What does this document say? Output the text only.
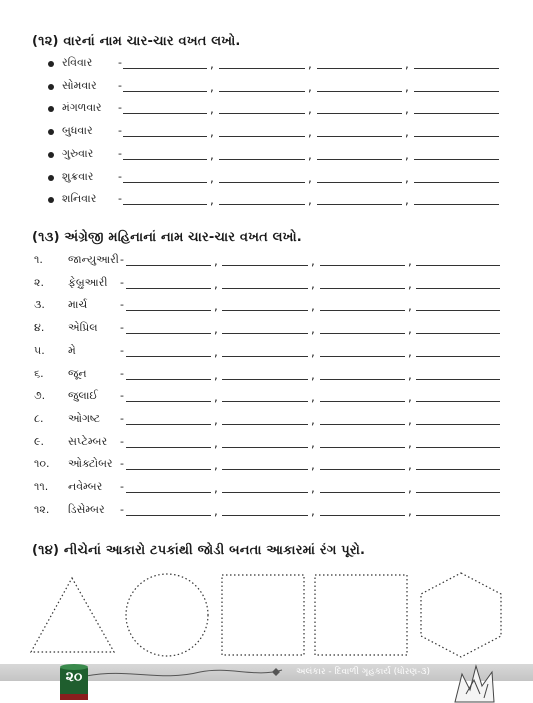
(૧૨) વારનાં નામ ચાર-ચાર વખત લખો.
રવિવાર -	,	,	,
સોમવાર -	,	,	,
મંગળવાર -	,	,	,
બુધવાર -	,	,	,
ગુરુવાર -	,	,	,
શુક્રવાર -	,	,	,
શનિવાર -	,	,	,
(૧૩) અંગ્રેજી મહિનાનાં નામ ચાર-ચાર વખત લખો.
૧. જાન્યુઆરી -	,	,	,
૨. ફેબ્રુઆરી -	,	,	,
૩. માર્ચ	-	,	,	,
૪. એપ્રિલ -	,	,	,
૫. મે	-	,	,	,
૬. જૂન	-	,	,	,
૭. જુલાઈ -	,	,	,
૮. ઓગષ્ટ -	,	,	,
૯. સપ્ટેમ્બર -	,	,	,
૧૦. ઓક્ટોબર -	,	,	,
૧૧. નવેમ્બર -	,	,	,
૧૨. ડિસેમ્બર -	,	,	,
(૧૪) નીચેનાં આકારો ટપકાંથી જોડી બનતા આકારમાં રંગ પૂરો.
૨૦	અલંકાર - દિવાળી ગૃહકાર્ય (ધોરણ-૩)
